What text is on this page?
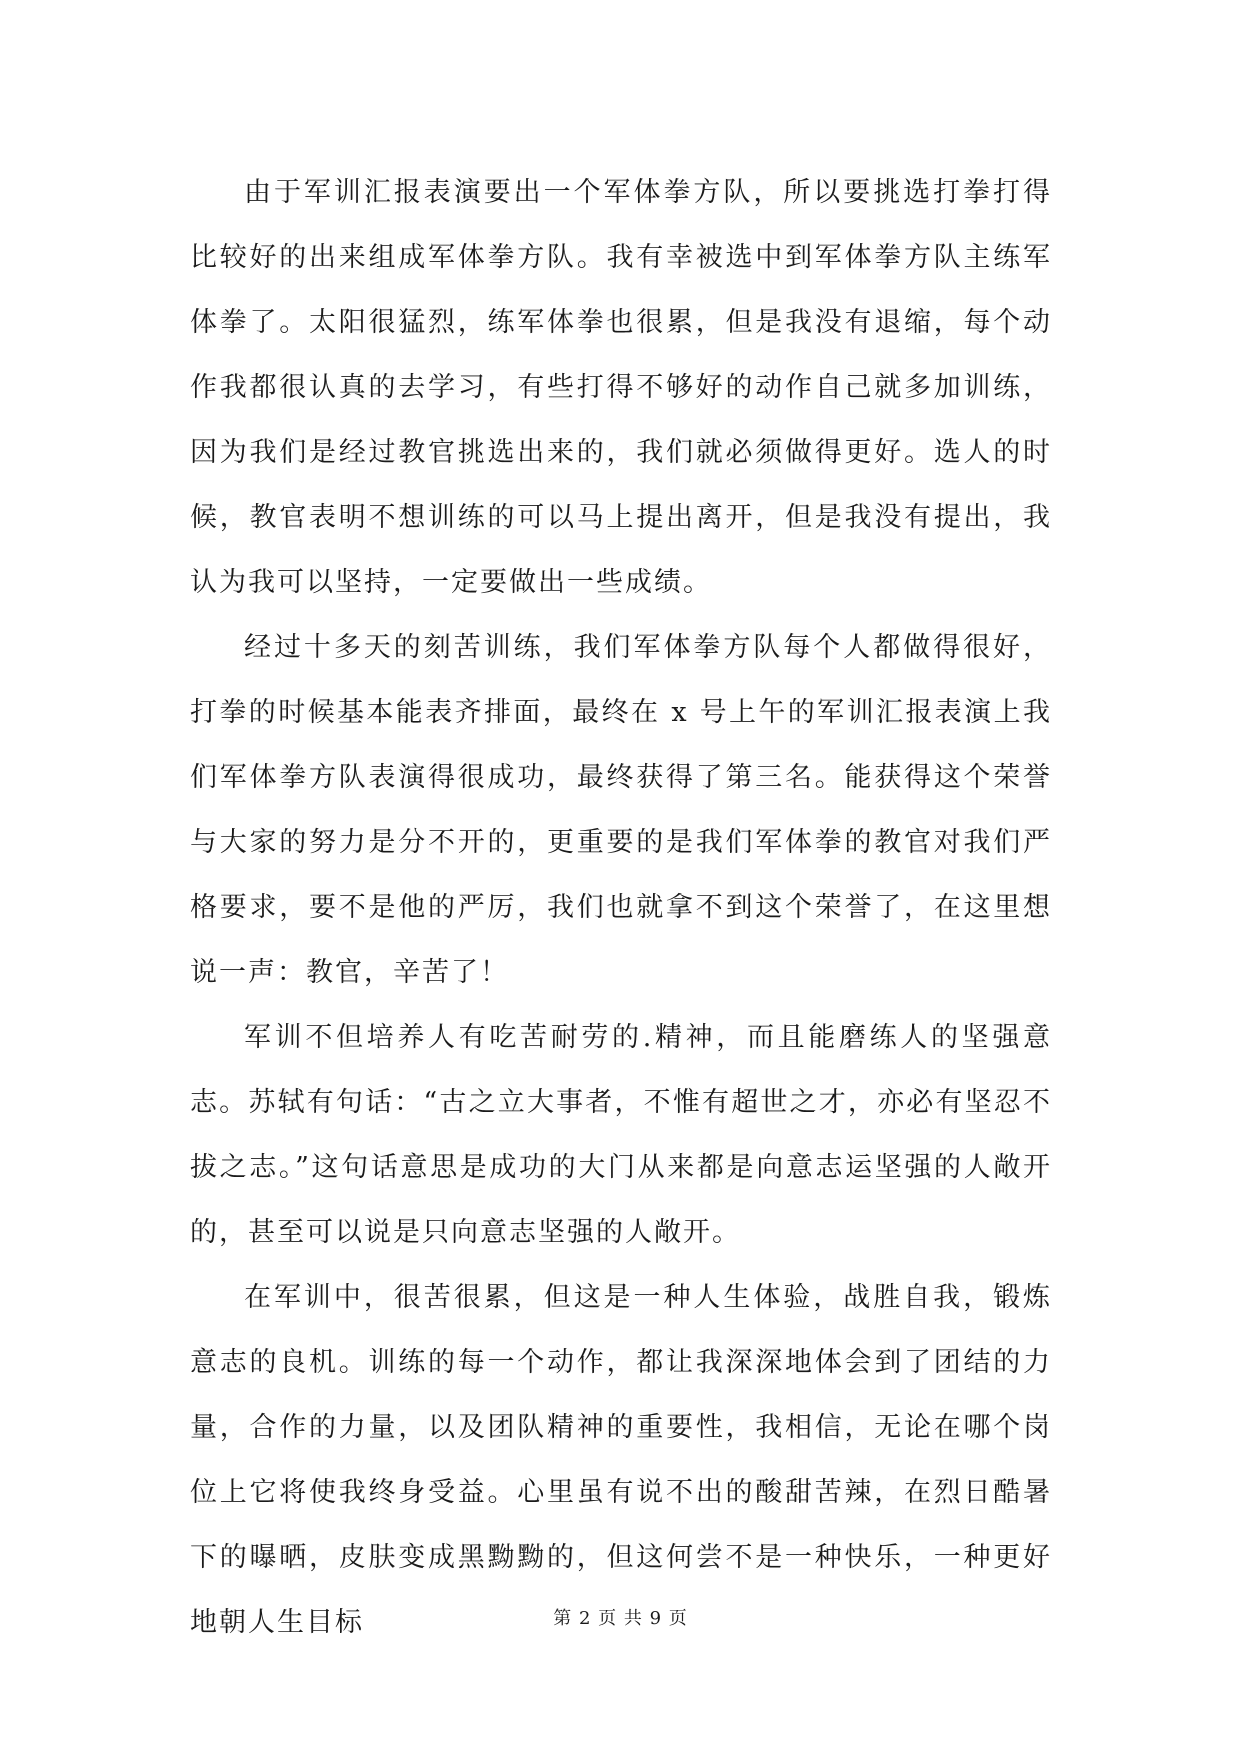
由于军训汇报表演要出一个军体拳方队，所以要挑选打拳打得比较好的出来组成军体拳方队。我有幸被选中到军体拳方队主练军体拳了。太阳很猛烈，练军体拳也很累，但是我没有退缩，每个动作我都很认真的去学习，有些打得不够好的动作自己就多加训练，因为我们是经过教官挑选出来的，我们就必须做得更好。选人的时候，教官表明不想训练的可以马上提出离开，但是我没有提出，我认为我可以坚持，一定要做出一些成绩。

经过十多天的刻苦训练，我们军体拳方队每个人都做得很好，打拳的时候基本能表齐排面，最终在 x 号上午的军训汇报表演上我们军体拳方队表演得很成功，最终获得了第三名。能获得这个荣誉与大家的努力是分不开的，更重要的是我们军体拳的教官对我们严格要求，要不是他的严厉，我们也就拿不到这个荣誉了，在这里想说一声：教官，辛苦了！

军训不但培养人有吃苦耐劳的.精神，而且能磨练人的坚强意志。苏轼有句话：“古之立大事者，不惟有超世之才，亦必有坚忍不拔之志。”这句话意思是成功的大门从来都是向意志运坚强的人敞开的，甚至可以说是只向意志坚强的人敞开。

在军训中，很苦很累，但这是一种人生体验，战胜自我，锻炼意志的良机。训练的每一个动作，都让我深深地体会到了团结的力量，合作的力量，以及团队精神的重要性，我相信，无论在哪个岗位上它将使我终身受益。心里虽有说不出的酸甜苦辣，在烈日酷暑下的曝晒，皮肤变成黑黝黝的，但这何尝不是一种快乐，一种更好地朝人生目标	第 2 页 共 9 页
